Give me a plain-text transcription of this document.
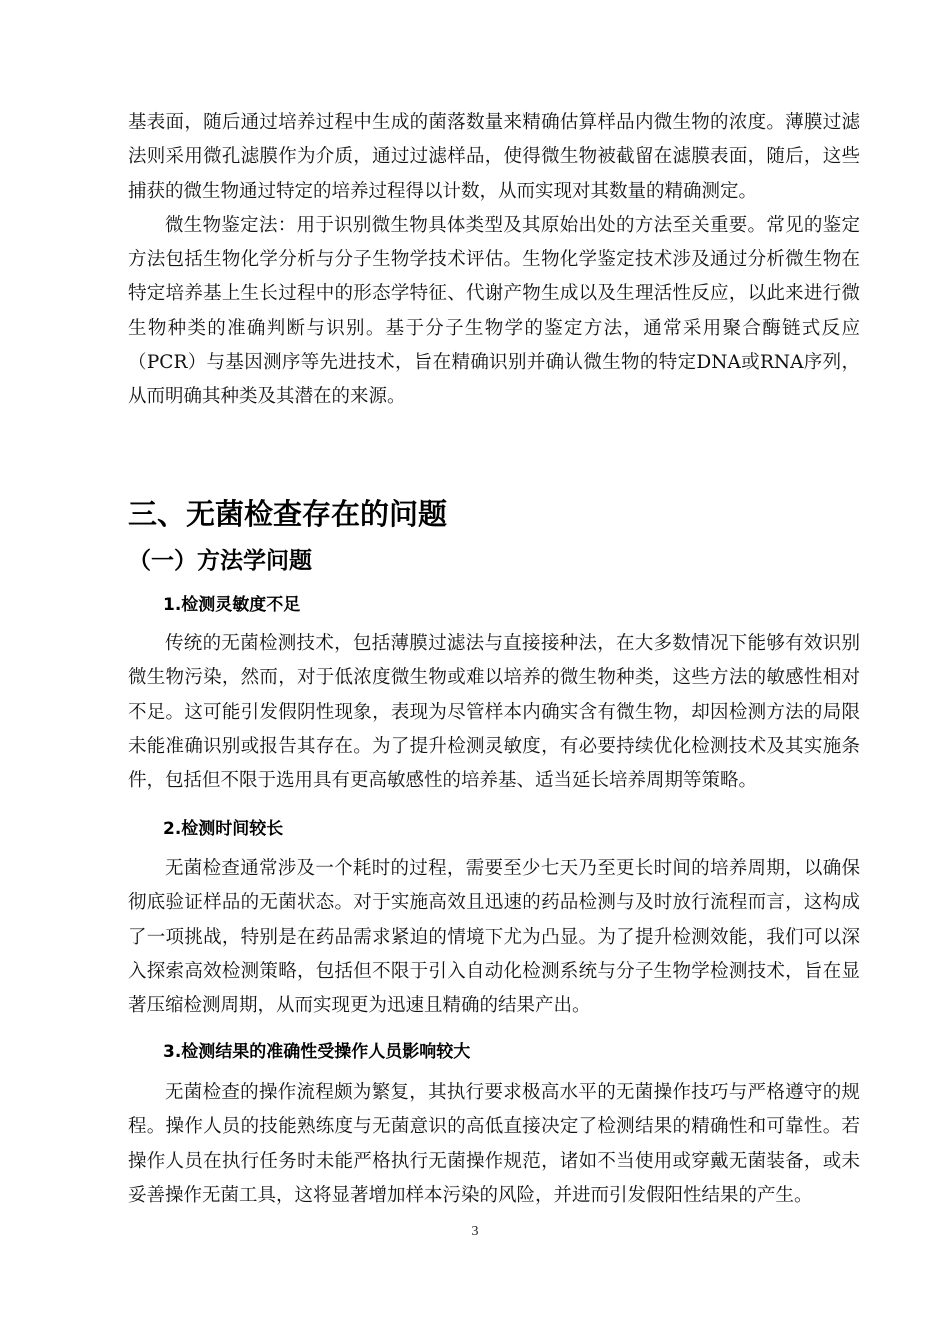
基表面，随后通过培养过程中生成的菌落数量来精确估算样品内微生物的浓度。薄膜过滤法则采用微孔滤膜作为介质，通过过滤样品，使得微生物被截留在滤膜表面，随后，这些捕获的微生物通过特定的培养过程得以计数，从而实现对其数量的精确测定。

微生物鉴定法：用于识别微生物具体类型及其原始出处的方法至关重要。常见的鉴定方法包括生物化学分析与分子生物学技术评估。生物化学鉴定技术涉及通过分析微生物在特定培养基上生长过程中的形态学特征、代谢产物生成以及生理活性反应，以此来进行微生物种类的准确判断与识别。基于分子生物学的鉴定方法，通常采用聚合酶链式反应（PCR）与基因测序等先进技术，旨在精确识别并确认微生物的特定DNA或RNA序列，从而明确其种类及其潜在的来源。

三、无菌检查存在的问题
（一）方法学问题
1.检测灵敏度不足

传统的无菌检测技术，包括薄膜过滤法与直接接种法，在大多数情况下能够有效识别微生物污染，然而，对于低浓度微生物或难以培养的微生物种类，这些方法的敏感性相对不足。这可能引发假阴性现象，表现为尽管样本内确实含有微生物，却因检测方法的局限未能准确识别或报告其存在。为了提升检测灵敏度，有必要持续优化检测技术及其实施条件，包括但不限于选用具有更高敏感性的培养基、适当延长培养周期等策略。

2.检测时间较长

无菌检查通常涉及一个耗时的过程，需要至少七天乃至更长时间的培养周期，以确保彻底验证样品的无菌状态。对于实施高效且迅速的药品检测与及时放行流程而言，这构成了一项挑战，特别是在药品需求紧迫的情境下尤为凸显。为了提升检测效能，我们可以深入探索高效检测策略，包括但不限于引入自动化检测系统与分子生物学检测技术，旨在显著压缩检测周期，从而实现更为迅速且精确的结果产出。

3.检测结果的准确性受操作人员影响较大

无菌检查的操作流程颇为繁复，其执行要求极高水平的无菌操作技巧与严格遵守的规程。操作人员的技能熟练度与无菌意识的高低直接决定了检测结果的精确性和可靠性。若操作人员在执行任务时未能严格执行无菌操作规范，诸如不当使用或穿戴无菌装备，或未妥善操作无菌工具，这将显著增加样本污染的风险，并进而引发假阳性结果的产生。

3
